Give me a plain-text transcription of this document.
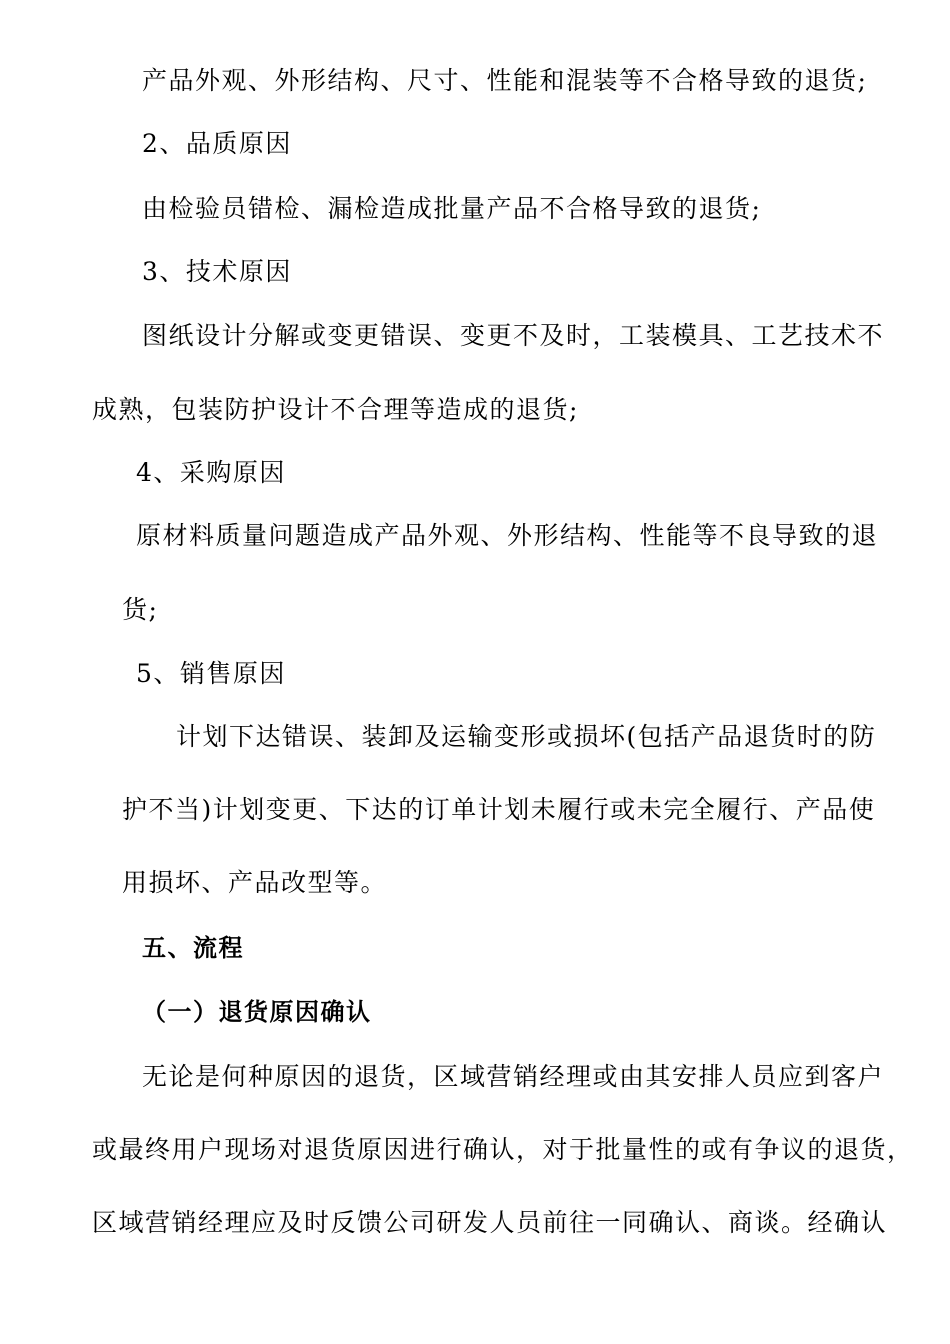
产品外观、外形结构、尺寸、性能和混装等不合格导致的退货;
2、品质原因
由检验员错检、漏检造成批量产品不合格导致的退货;
3、技术原因
图纸设计分解或变更错误、变更不及时，工装模具、工艺技术不
成熟，包装防护设计不合理等造成的退货;
4、采购原因
原材料质量问题造成产品外观、外形结构、性能等不良导致的退
货;
5、销售原因
计划下达错误、装卸及运输变形或损坏(包括产品退货时的防
护不当)计划变更、下达的订单计划未履行或未完全履行、产品使
用损坏、产品改型等。
五、流程
（一）退货原因确认
无论是何种原因的退货，区域营销经理或由其安排人员应到客户
或最终用户现场对退货原因进行确认，对于批量性的或有争议的退货，
区域营销经理应及时反馈公司研发人员前往一同确认、商谈。经确认
